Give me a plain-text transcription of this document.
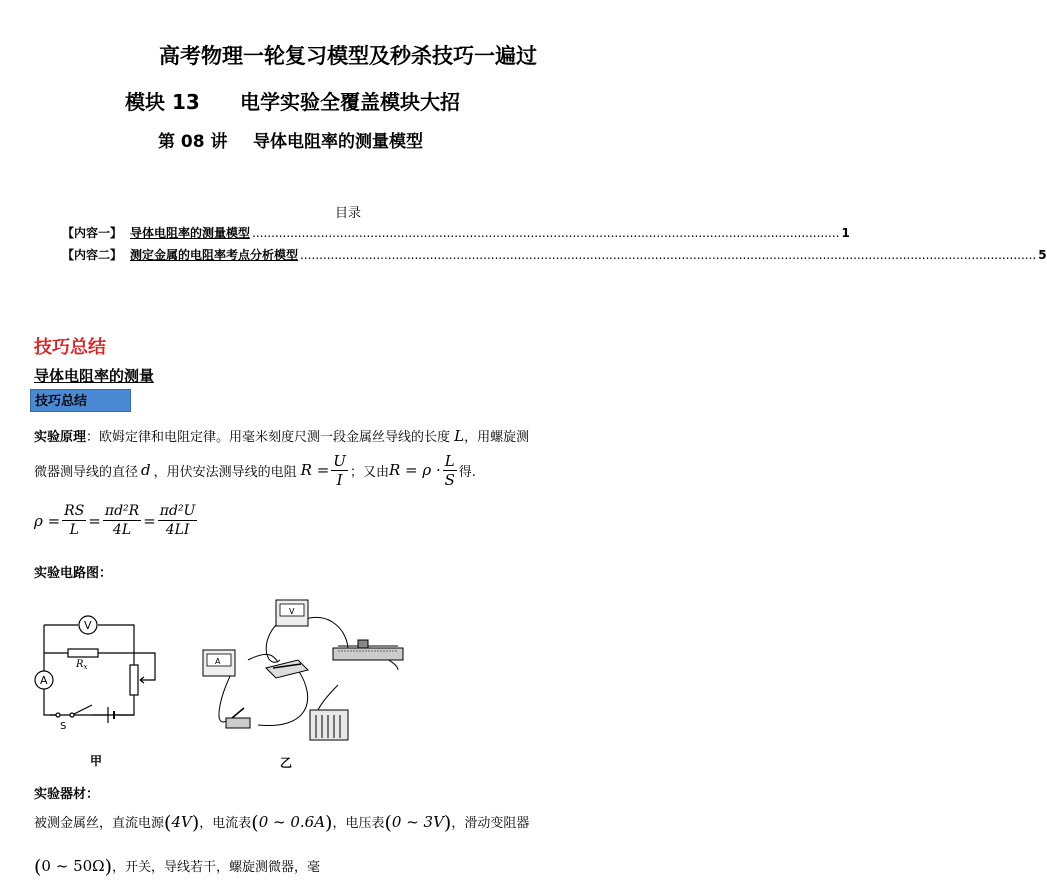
高考物理一轮复习模型及秒杀技巧一遍过
模块 13 电学实验全覆盖模块大招
第 08 讲 导体电阻率的测量模型
目录
【内容一】 导体电阻率的测量模型 .......................................................................................................................................................... 1
【内容二】 测定金属的电阻率考点分析模型 ................................................................................................................................................................................................. 5
技巧总结
导体电阻率的测量
技巧总结
实验原理：欧姆定律和电阻定律。用毫米刻度尺测一段金属丝导线的长度 L，用螺旋测
微器测导线的直径 d ，用伏安法测导线的电阻 $R = \frac{U}{I}$ ；又由 $R = \rho \cdot \frac{L}{S}$ 得.
$\rho = \frac{RS}{L} = \frac{\text{πd²R}}{4L} = \frac{\text{πd²U}}{4LI}$
实验电路图：
V
A
$R_x$
S
甲
V
A
乙
实验器材：
被测金属丝，直流电源(4V)，电流表(0 ~ 0.6A)，电压表(0 ~ 3V)，滑动变阻器
(0 ~ 50Ω)，开关，导线若干，螺旋测微器，毫
